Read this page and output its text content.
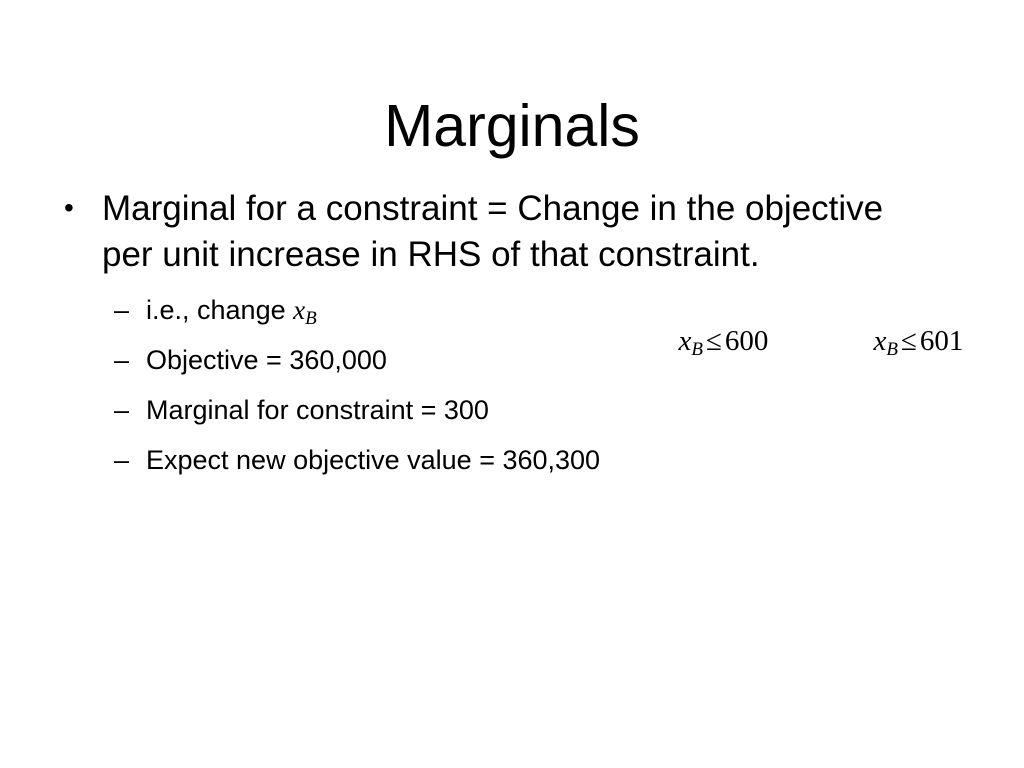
Marginals
• Marginal for a constraint = Change in the objective per unit increase in RHS of that constraint.
– i.e., change $x_B$
$x_B \le 600$	$x_B \le 601$
– Objective = 360,000
– Marginal for constraint = 300
– Expect new objective value = 360,300
